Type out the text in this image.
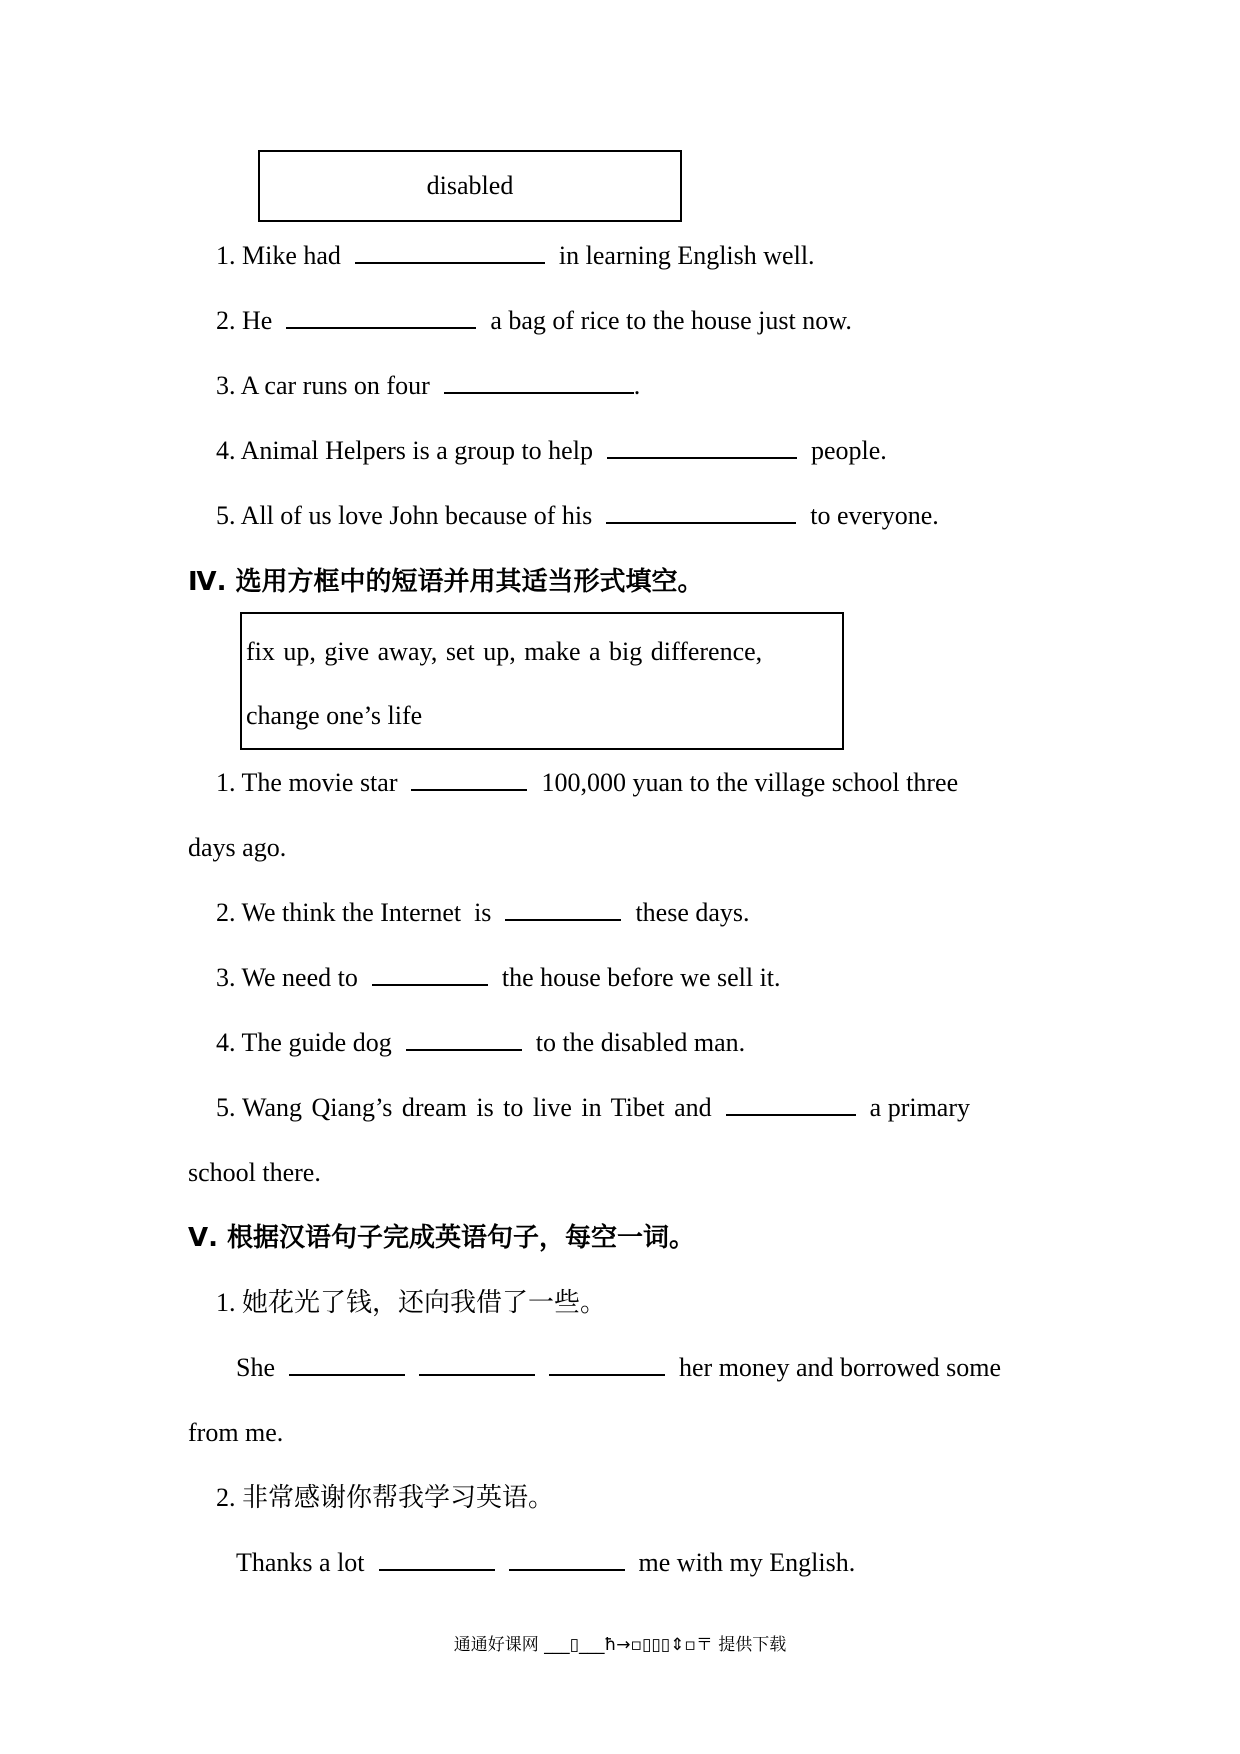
disabled
1. Mike had	in learning English well.
2. He	a bag of rice to the house just now.
3. A car runs on four	.
4. Animal Helpers is a group to help	people.
5. All of us love John because of his	to everyone.
Ⅳ. 选用方框中的短语并用其适当形式填空。
fix up, give away, set up, make a big difference,
change one’s life
1. The movie star	100,000 yuan to the village school three
days ago.
2. We think the Internet  is	these days.
3. We need to	the house before we sell it.
4. The guide dog	to the disabled man.
5. Wang Qiang’s dream is to live in Tibet and	a primary
school there.
Ⅴ. 根据汉语句子完成英语句子，每空一词。
1. 她花光了钱，还向我借了一些。
She	her money and borrowed some
from me.
2. 非常感谢你帮我学习英语。
Thanks a lot	me with my English.
通通好课网 ___▯___ħ→▫▯▯▯⇕▫〒 提供下载
